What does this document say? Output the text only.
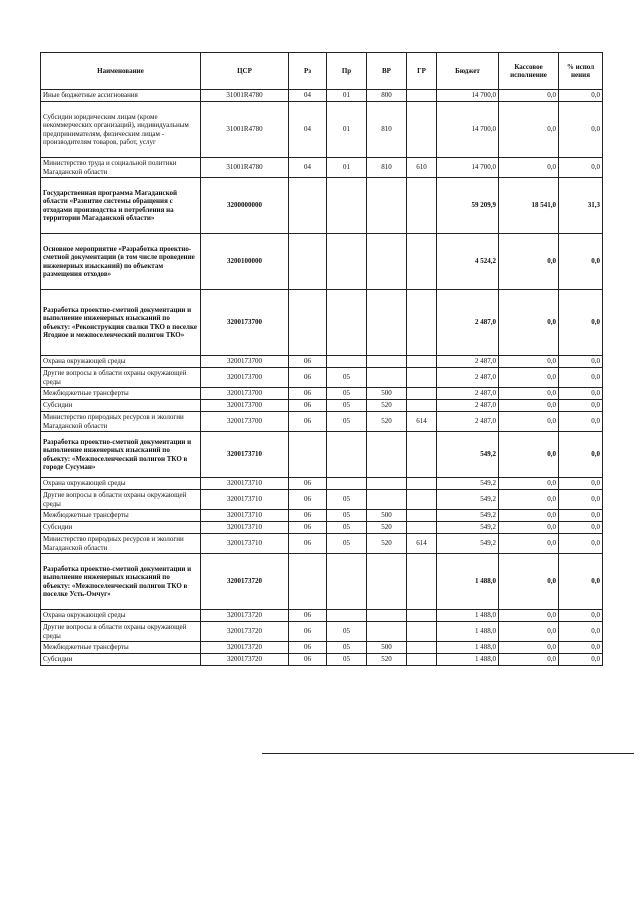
Наименование	ЦСР	Рз	Пр	ВР	ГР	Бюджет	Кассовое исполнение	% испол нения
Иные бюджетные ассигнования	31001R4780	04	01	800		14 700,0	0,0	0,0
Субсидии юридическим лицам (кроме некоммерческих организаций), индивидуальным предпринимателям, физическим лицам - производителям товаров, работ, услуг	31001R4780	04	01	810		14 700,0	0,0	0,0
Министерство труда и социальной политики Магаданской области	31001R4780	04	01	810	610	14 700,0	0,0	0,0
Государственная программа Магаданской области «Развитие системы обращения с отходами производства и потребления на территории Магаданской области»	3200000000					59 209,9	18 541,0	31,3
Основное мероприятие «Разработка проектно-сметной документации (в том числе проведение инженерных изысканий) по объектам размещения отходов»	3200100000					4 524,2	0,0	0,0
Разработка проектно-сметной документации и выполнение инженерных изысканий по объекту: «Реконструкция свалки ТКО в поселке Ягодное и межпоселенческий полигон ТКО»	3200173700					2 487,0	0,0	0,0
Охрана окружающей среды	3200173700	06				2 487,0	0,0	0,0
Другие вопросы в области охраны окружающей среды	3200173700	06	05			2 487,0	0,0	0,0
Межбюджетные трансферты	3200173700	06	05	500		2 487,0	0,0	0,0
Субсидии	3200173700	06	05	520		2 487,0	0,0	0,0
Министерство природных ресурсов и экологии Магаданской области	3200173700	06	05	520	614	2 487,0	0,0	0,0
Разработка проектно-сметной документации и выполнение инженерных изысканий по объекту: «Межпоселенческий полигон ТКО в городе Сусуман»	3200173710					549,2	0,0	0,0
Охрана окружающей среды	3200173710	06				549,2	0,0	0,0
Другие вопросы в области охраны окружающей среды	3200173710	06	05			549,2	0,0	0,0
Межбюджетные трансферты	3200173710	06	05	500		549,2	0,0	0,0
Субсидии	3200173710	06	05	520		549,2	0,0	0,0
Министерство природных ресурсов и экологии Магаданской области	3200173710	06	05	520	614	549,2	0,0	0,0
Разработка проектно-сметной документации и выполнение инженерных изысканий по объекту: «Межпоселенческий полигон ТКО в поселке Усть-Омчуг»	3200173720					1 488,0	0,0	0,0
Охрана окружающей среды	3200173720	06				1 488,0	0,0	0,0
Другие вопросы в области охраны окружающей среды	3200173720	06	05			1 488,0	0,0	0,0
Межбюджетные трансферты	3200173720	06	05	500		1 488,0	0,0	0,0
Субсидии	3200173720	06	05	520		1 488,0	0,0	0,0
